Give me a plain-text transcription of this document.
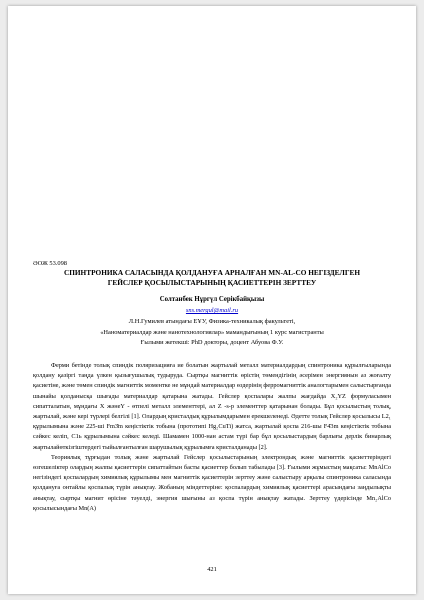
ӘОЖ 53.098
СПИНТРОНИКА САЛАСЫНДА ҚОЛДАНУҒА АРНАЛҒАН MN-AL-CO НЕГІЗДЕЛГЕН
ГЕЙСЛЕР ҚОСЫЛЫСТАРЫНЫҢ ҚАСИЕТТЕРІН ЗЕРТТЕУ
Солтанбек Нұргүл Серікбайқызы
sns.mergul@mail.ru
Л.Н.Гумилев атындағы ЕҰУ, Физика-техникалық факультеті,
«Наноматериалдар және нанотехнологиялар» мамандығының 1 курс магистранты
Ғылыми жетекші: PhD докторы, доцент Абуова Ф.У.

Ферми бетінде толық спиндік поляризацияға ие болатын жартылай металл материалдардың спинтроника құрылғыларында қолдану қазіргі таңда үлкен қызығушылық тудыруда. Сыртқы магниттік өрістің төмендігінің әсерімен энергиянын аз жоғалту қасиетіне, және төмен спиндік магниттік моментке не мұндай материалдар өздерінің ферромагниттік аналогтарымен салыстырғанда шынайы қолданысқа шығады материалдар қатарына жатады. Гейслер қоспалары жалпы жағдайда X₂YZ формуласымен сипатталатын, мұндағы X жәнеY - өтпелі металл элементтері, ал Z -s-p элементтер қатарынан болады. Бұл қосылыстың толық, жартылай, және кері түрлері белгілі [1]. Олардың кристалдық құрылымдарымен ерекшеленеді. Әдетте толық Гейслер қосылысы L2₁ құрылымына және 225-ші Fm3̄m кеңістіктік тобына (прототипі Hg₂CuTi) жатса, жартылай қоспа 216-шы F4̄3m кеңістіктік тобына сәйкес келіп, C1ь құрылымына сәйкес келеді. Шамамен 1000-нан астам түрі бар бұл қосылыстардың барлығы дерлік бинарлық жартылайөткізгіштердегі тыйылғантылған шарушылық құрылымға кристалданады [2].

Теориялық тұрғыдан толық және жартылай Гейслер қосылыстарының электрондық және магниттік қасиеттеріндегі өзгешеліктер олардың жалпы қасиеттерін сипаттайтын басты қасиеттер болып табылады [3]. Ғылыми жұмыстың мақсаты: MnAlCo негізіндегі қоспалардың химиялық құрылымы мен магниттік қасиеттерін зерттеу және салыстыру арқылы спинтроника саласында қолдануға онтайлы қоспалық түрін анықтау. Жобаның міндеттеріне: қоспалардың химиялық қасиеттері арасындағы заңдылықты анықтау, сыртқы магнит өрісіне тәуелді, энергия шығыны аз қоспа түрін анықтау жатады. Зерттеу үдерісінде Mn₂AlCo қосылысындағы Mn(A)

421
